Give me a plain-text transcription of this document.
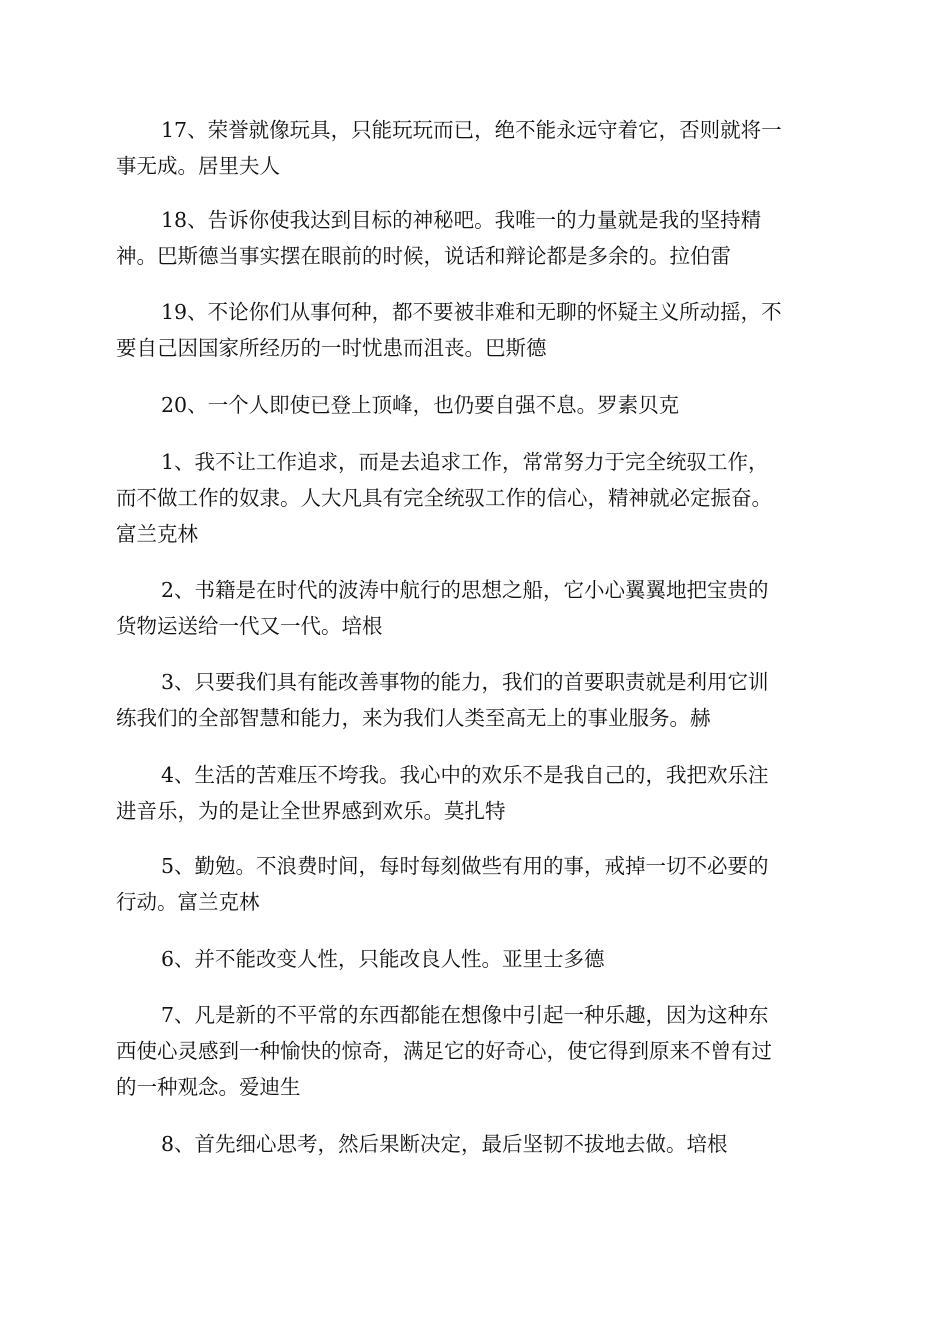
17、荣誉就像玩具，只能玩玩而已，绝不能永远守着它，否则就将一
事无成。居里夫人

18、告诉你使我达到目标的神秘吧。我唯一的力量就是我的坚持精
神。巴斯德当事实摆在眼前的时候，说话和辩论都是多余的。拉伯雷

19、不论你们从事何种，都不要被非难和无聊的怀疑主义所动摇，不
要自己因国家所经历的一时忧患而沮丧。巴斯德

20、一个人即使已登上顶峰，也仍要自强不息。罗素贝克

1、我不让工作追求，而是去追求工作，常常努力于完全统驭工作，
而不做工作的奴隶。人大凡具有完全统驭工作的信心，精神就必定振奋。
富兰克林

2、书籍是在时代的波涛中航行的思想之船，它小心翼翼地把宝贵的
货物运送给一代又一代。培根

3、只要我们具有能改善事物的能力，我们的首要职责就是利用它训
练我们的全部智慧和能力，来为我们人类至高无上的事业服务。赫

4、生活的苦难压不垮我。我心中的欢乐不是我自己的，我把欢乐注
进音乐，为的是让全世界感到欢乐。莫扎特

5、勤勉。不浪费时间，每时每刻做些有用的事，戒掉一切不必要的
行动。富兰克林

6、并不能改变人性，只能改良人性。亚里士多德

7、凡是新的不平常的东西都能在想像中引起一种乐趣，因为这种东
西使心灵感到一种愉快的惊奇，满足它的好奇心，使它得到原来不曾有过
的一种观念。爱迪生

8、首先细心思考，然后果断决定，最后坚韧不拔地去做。培根
